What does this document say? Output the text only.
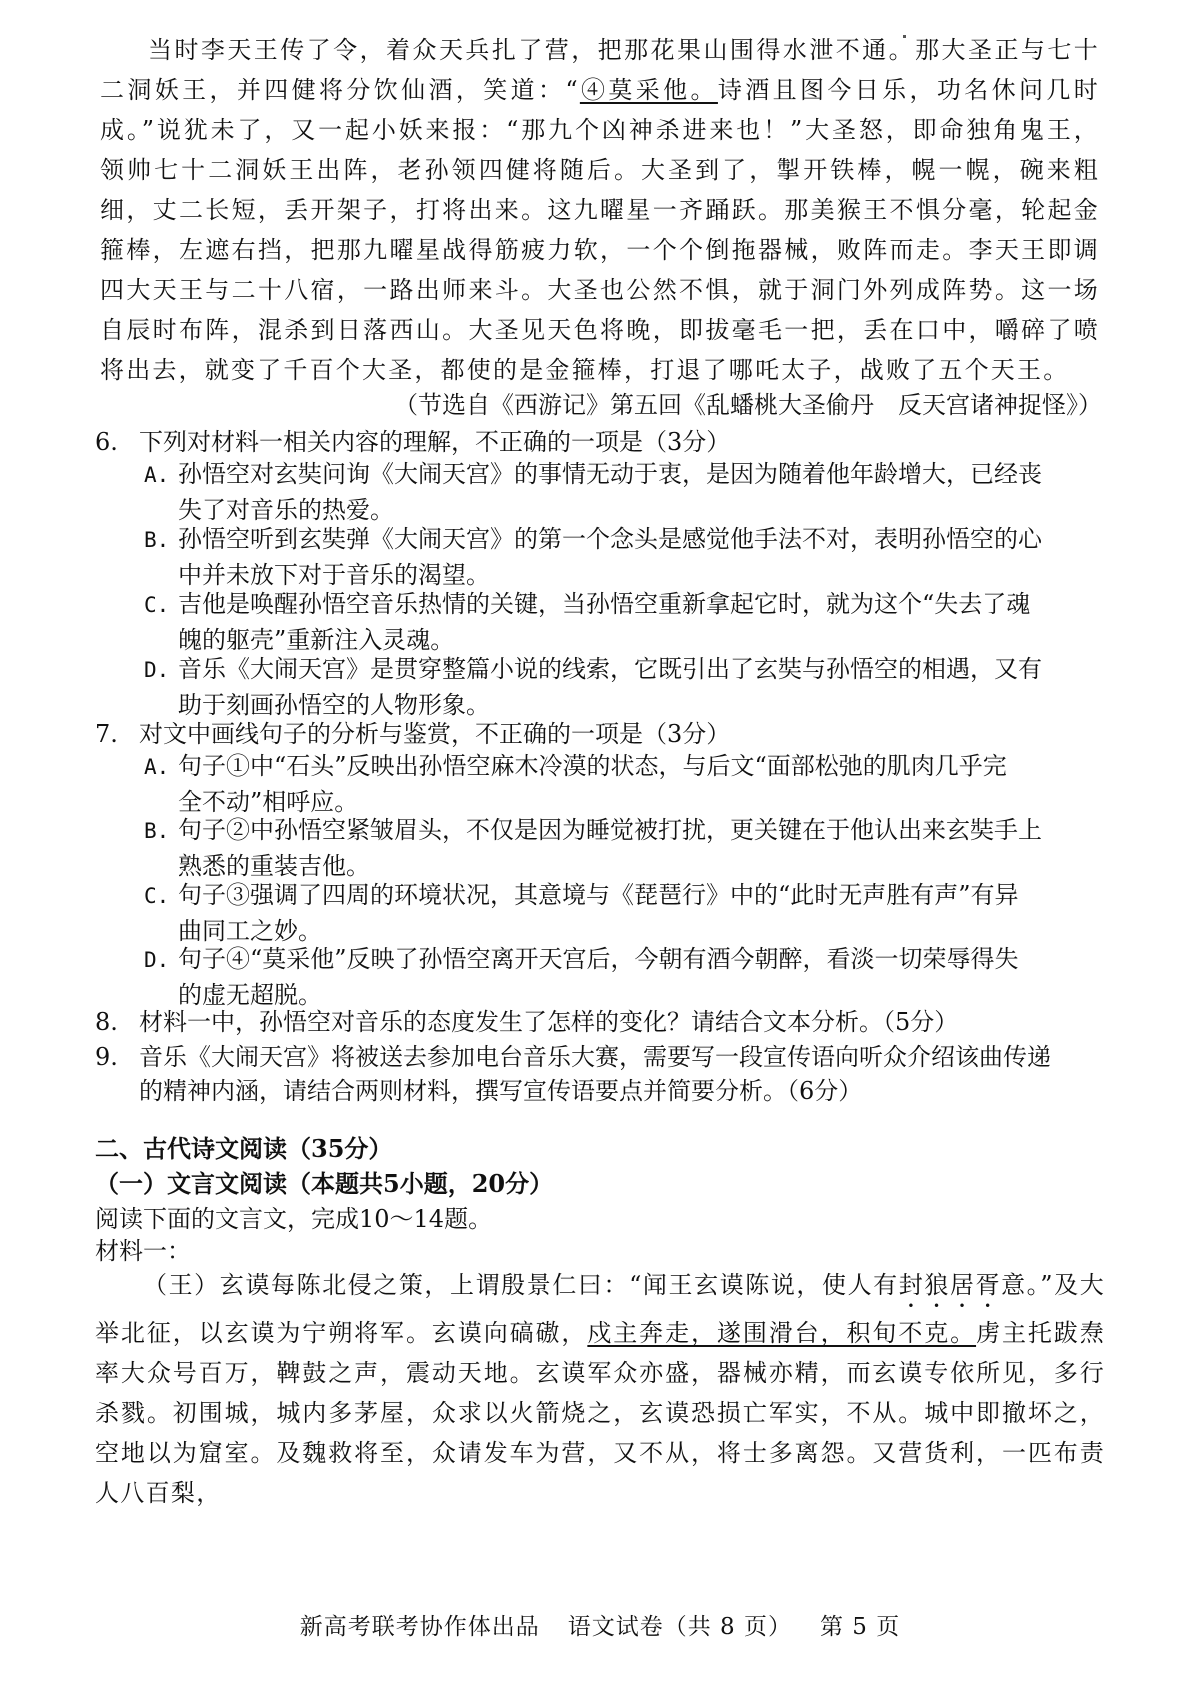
当时李天王传了令，着众天兵扎了营，把那花果山围得水泄不通。那大圣正与七十二洞妖王，并四健将分饮仙酒，笑道：“④莫采他。诗酒且图今日乐，功名休问几时成。”说犹未了，又一起小妖来报：“那九个凶神杀进来也！”大圣怒，即命独角鬼王，领帅七十二洞妖王出阵，老孙领四健将随后。大圣到了，掣开铁棒，幌一幌，碗来粗细，丈二长短，丢开架子，打将出来。这九曜星一齐踊跃。那美猴王不惧分毫，轮起金箍棒，左遮右挡，把那九曜星战得筋疲力软，一个个倒拖器械，败阵而走。李天王即调四大天王与二十八宿，一路出师来斗。大圣也公然不惧，就于洞门外列成阵势。这一场自辰时布阵，混杀到日落西山。大圣见天色将晚，即拔毫毛一把，丢在口中，嚼碎了喷将出去，就变了千百个大圣，都使的是金箍棒，打退了哪吒太子，战败了五个天王。
（节选自《西游记》第五回《乱蟠桃大圣偷丹　反天宫诸神捉怪》）
6. 下列对材料一相关内容的理解，不正确的一项是（3分）
A. 孙悟空对玄奘问询《大闹天宫》的事情无动于衷，是因为随着他年龄增大，已经丧
失了对音乐的热爱。
B. 孙悟空听到玄奘弹《大闹天宫》的第一个念头是感觉他手法不对，表明孙悟空的心
中并未放下对于音乐的渴望。
C. 吉他是唤醒孙悟空音乐热情的关键，当孙悟空重新拿起它时，就为这个“失去了魂
魄的躯壳”重新注入灵魂。
D. 音乐《大闹天宫》是贯穿整篇小说的线索，它既引出了玄奘与孙悟空的相遇，又有
助于刻画孙悟空的人物形象。
7. 对文中画线句子的分析与鉴赏，不正确的一项是（3分）
A. 句子①中“石头”反映出孙悟空麻木冷漠的状态，与后文“面部松弛的肌肉几乎完
全不动”相呼应。
B. 句子②中孙悟空紧皱眉头，不仅是因为睡觉被打扰，更关键在于他认出来玄奘手上
熟悉的重装吉他。
C. 句子③强调了四周的环境状况，其意境与《琵琶行》中的“此时无声胜有声”有异
曲同工之妙。
D. 句子④“莫采他”反映了孙悟空离开天宫后，今朝有酒今朝醉，看淡一切荣辱得失
的虚无超脱。
8. 材料一中，孙悟空对音乐的态度发生了怎样的变化？请结合文本分析。（5分）
9. 音乐《大闹天宫》将被送去参加电台音乐大赛，需要写一段宣传语向听众介绍该曲传递
的精神内涵，请结合两则材料，撰写宣传语要点并简要分析。（6分）
二、古代诗文阅读（35分）
（一）文言文阅读（本题共5小题，20分）
阅读下面的文言文，完成10～14题。
材料一：
（王）玄谟每陈北侵之策，上谓殷景仁曰：“闻王玄谟陈说，使人有封狼居胥意。”及大举北征，以玄谟为宁朔将军。玄谟向碻磝，戍主奔走，遂围滑台，积旬不克。虏主托跋焘率大众号百万，鞞鼓之声，震动天地。玄谟军众亦盛，器械亦精，而玄谟专依所见，多行杀戮。初围城，城内多茅屋，众求以火箭烧之，玄谟恐损亡军实，不从。城中即撤坏之，空地以为窟室。及魏救将至，众请发车为营，又不从，将士多离怨。又营货利，一匹布责人八百梨，
新高考联考协作体出品 语文试卷（共 8 页） 第 5 页
